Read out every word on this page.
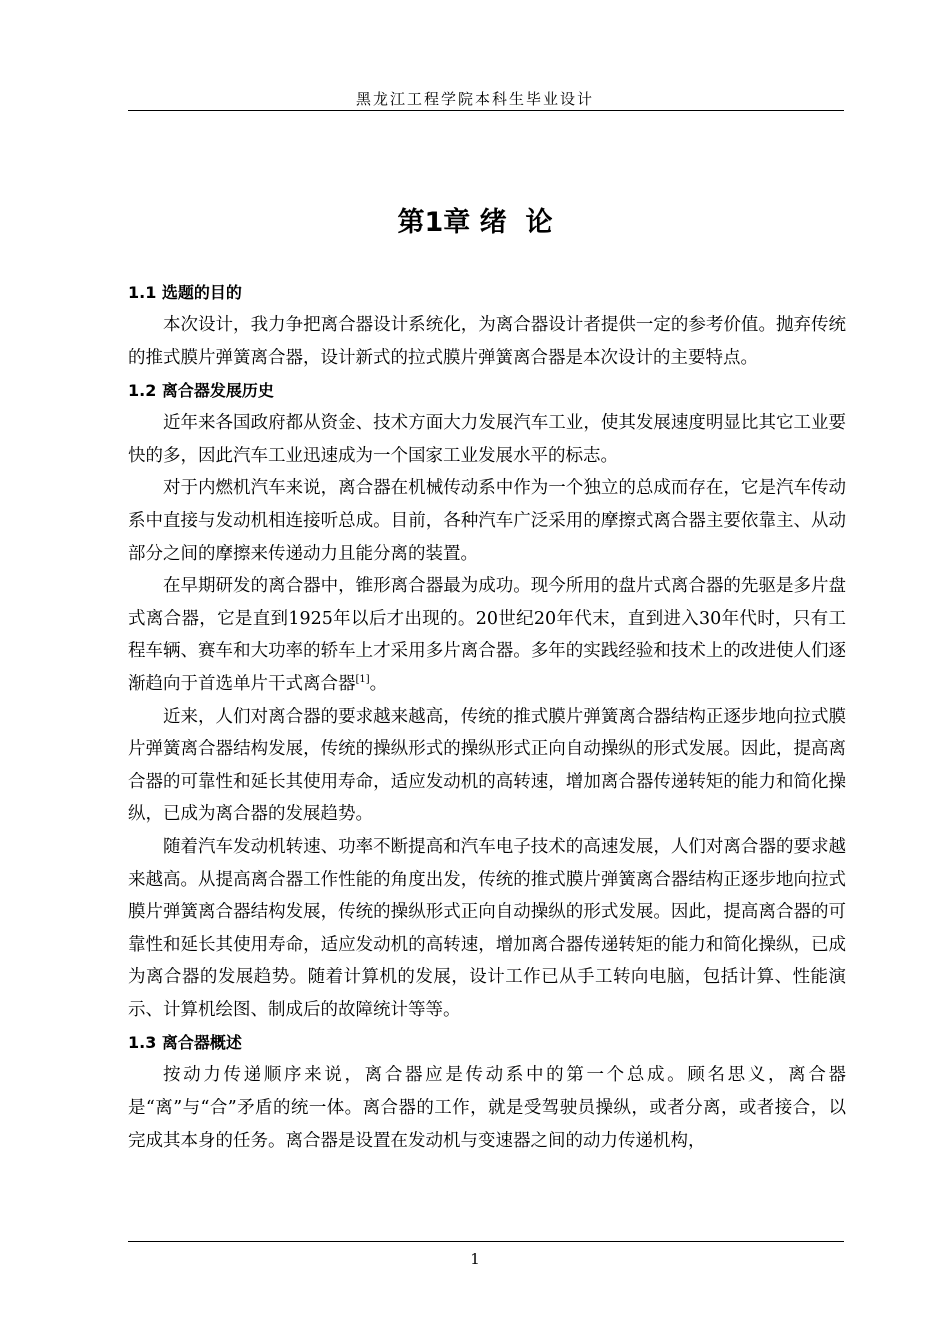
黑龙江工程学院本科生毕业设计
第1章 绪  论
1.1 选题的目的

本次设计，我力争把离合器设计系统化，为离合器设计者提供一定的参考价值。抛弃传统的推式膜片弹簧离合器，设计新式的拉式膜片弹簧离合器是本次设计的主要特点。

1.2 离合器发展历史

近年来各国政府都从资金、技术方面大力发展汽车工业，使其发展速度明显比其它工业要快的多，因此汽车工业迅速成为一个国家工业发展水平的标志。

对于内燃机汽车来说，离合器在机械传动系中作为一个独立的总成而存在，它是汽车传动系中直接与发动机相连接听总成。目前，各种汽车广泛采用的摩擦式离合器主要依靠主、从动部分之间的摩擦来传递动力且能分离的装置。

在早期研发的离合器中，锥形离合器最为成功。现今所用的盘片式离合器的先驱是多片盘式离合器，它是直到1925年以后才出现的。20世纪20年代末，直到进入30年代时，只有工程车辆、赛车和大功率的轿车上才采用多片离合器。多年的实践经验和技术上的改进使人们逐渐趋向于首选单片干式离合器[1]。

近来，人们对离合器的要求越来越高，传统的推式膜片弹簧离合器结构正逐步地向拉式膜片弹簧离合器结构发展，传统的操纵形式的操纵形式正向自动操纵的形式发展。因此，提高离合器的可靠性和延长其使用寿命，适应发动机的高转速，增加离合器传递转矩的能力和简化操纵，已成为离合器的发展趋势。

随着汽车发动机转速、功率不断提高和汽车电子技术的高速发展，人们对离合器的要求越来越高。从提高离合器工作性能的角度出发，传统的推式膜片弹簧离合器结构正逐步地向拉式膜片弹簧离合器结构发展，传统的操纵形式正向自动操纵的形式发展。因此，提高离合器的可靠性和延长其使用寿命，适应发动机的高转速，增加离合器传递转矩的能力和简化操纵，已成为离合器的发展趋势。随着计算机的发展，设计工作已从手工转向电脑，包括计算、性能演示、计算机绘图、制成后的故障统计等等。

1.3 离合器概述

按动力传递顺序来说，离合器应是传动系中的第一个总成。顾名思义，离合器是“离”与“合”矛盾的统一体。离合器的工作，就是受驾驶员操纵，或者分离，或者接合，以完成其本身的任务。离合器是设置在发动机与变速器之间的动力传递机构，

1
